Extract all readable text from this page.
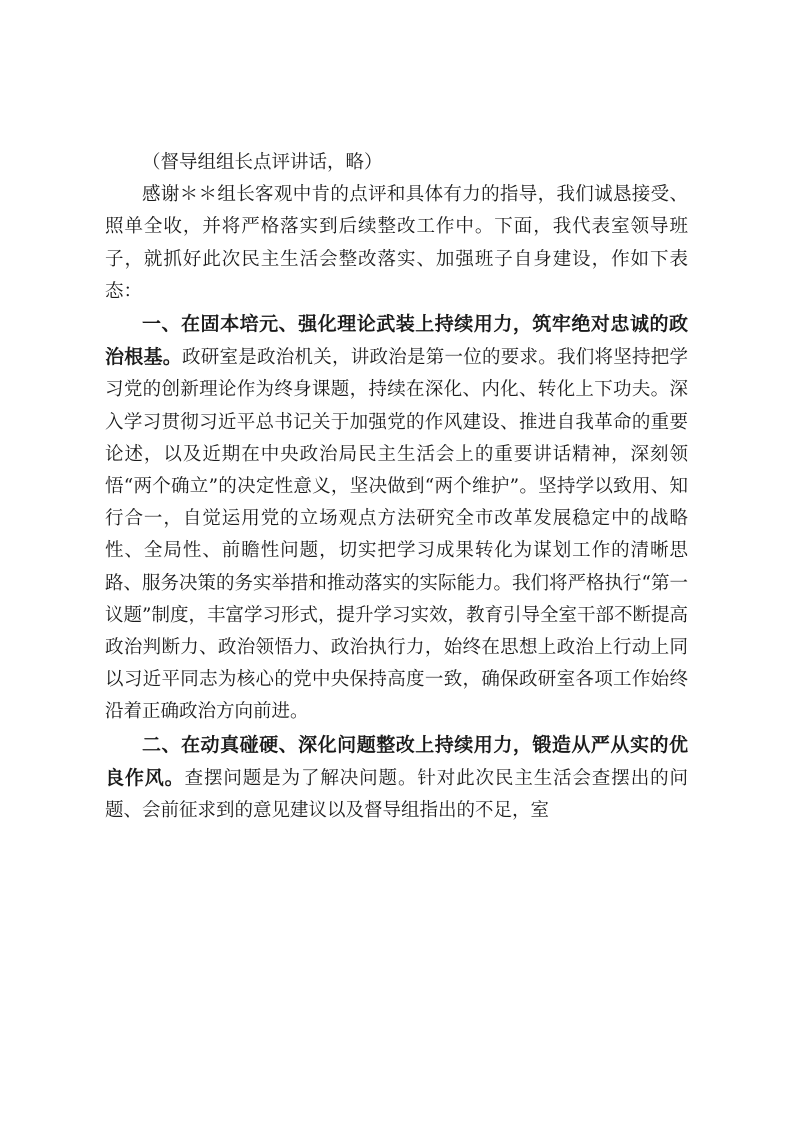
（督导组组长点评讲话，略）

感谢＊＊组长客观中肯的点评和具体有力的指导，我们诚恳接受、照单全收，并将严格落实到后续整改工作中。下面，我代表室领导班子，就抓好此次民主生活会整改落实、加强班子自身建设，作如下表态：

一、在固本培元、强化理论武装上持续用力，筑牢绝对忠诚的政治根基。政研室是政治机关，讲政治是第一位的要求。我们将坚持把学习党的创新理论作为终身课题，持续在深化、内化、转化上下功夫。深入学习贯彻习近平总书记关于加强党的作风建设、推进自我革命的重要论述，以及近期在中央政治局民主生活会上的重要讲话精神，深刻领悟“两个确立”的决定性意义，坚决做到“两个维护”。坚持学以致用、知行合一，自觉运用党的立场观点方法研究全市改革发展稳定中的战略性、全局性、前瞻性问题，切实把学习成果转化为谋划工作的清晰思路、服务决策的务实举措和推动落实的实际能力。我们将严格执行“第一议题”制度，丰富学习形式，提升学习实效，教育引导全室干部不断提高政治判断力、政治领悟力、政治执行力，始终在思想上政治上行动上同以习近平同志为核心的党中央保持高度一致，确保政研室各项工作始终沿着正确政治方向前进。

二、在动真碰硬、深化问题整改上持续用力，锻造从严从实的优良作风。查摆问题是为了解决问题。针对此次民主生活会查摆出的问题、会前征求到的意见建议以及督导组指出的不足，室
